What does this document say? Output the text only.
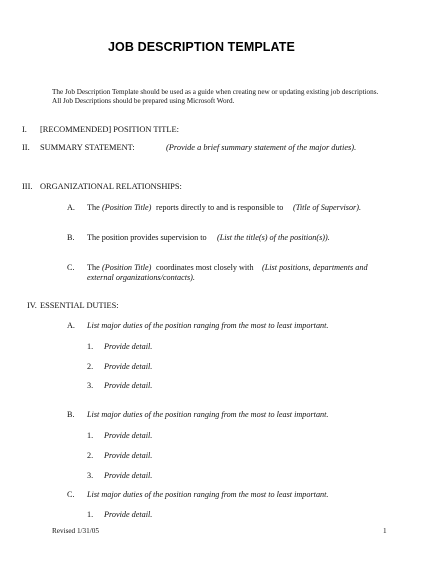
JOB DESCRIPTION TEMPLATE
The Job Description Template should be used as a guide when creating new or updating existing job descriptions.
All Job Descriptions should be prepared using Microsoft Word.
I. [RECOMMENDED] POSITION TITLE:
II. SUMMARY STATEMENT:	(Provide a brief summary statement of the major duties).
III. ORGANIZATIONAL RELATIONSHIPS:
A. The (Position Title) reports directly to and is responsible to (Title of Supervisor).
B. The position provides supervision to (List the title(s) of the position(s)).
C. The (Position Title) coordinates most closely with (List positions, departments and
external organizations/contacts).
IV. ESSENTIAL DUTIES:
A. List major duties of the position ranging from the most to least important.
1. Provide detail.
2. Provide detail.
3. Provide detail.
B. List major duties of the position ranging from the most to least important.
1. Provide detail.
2. Provide detail.
3. Provide detail.
C. List major duties of the position ranging from the most to least important.
1. Provide detail.
Revised 1/31/05	1
